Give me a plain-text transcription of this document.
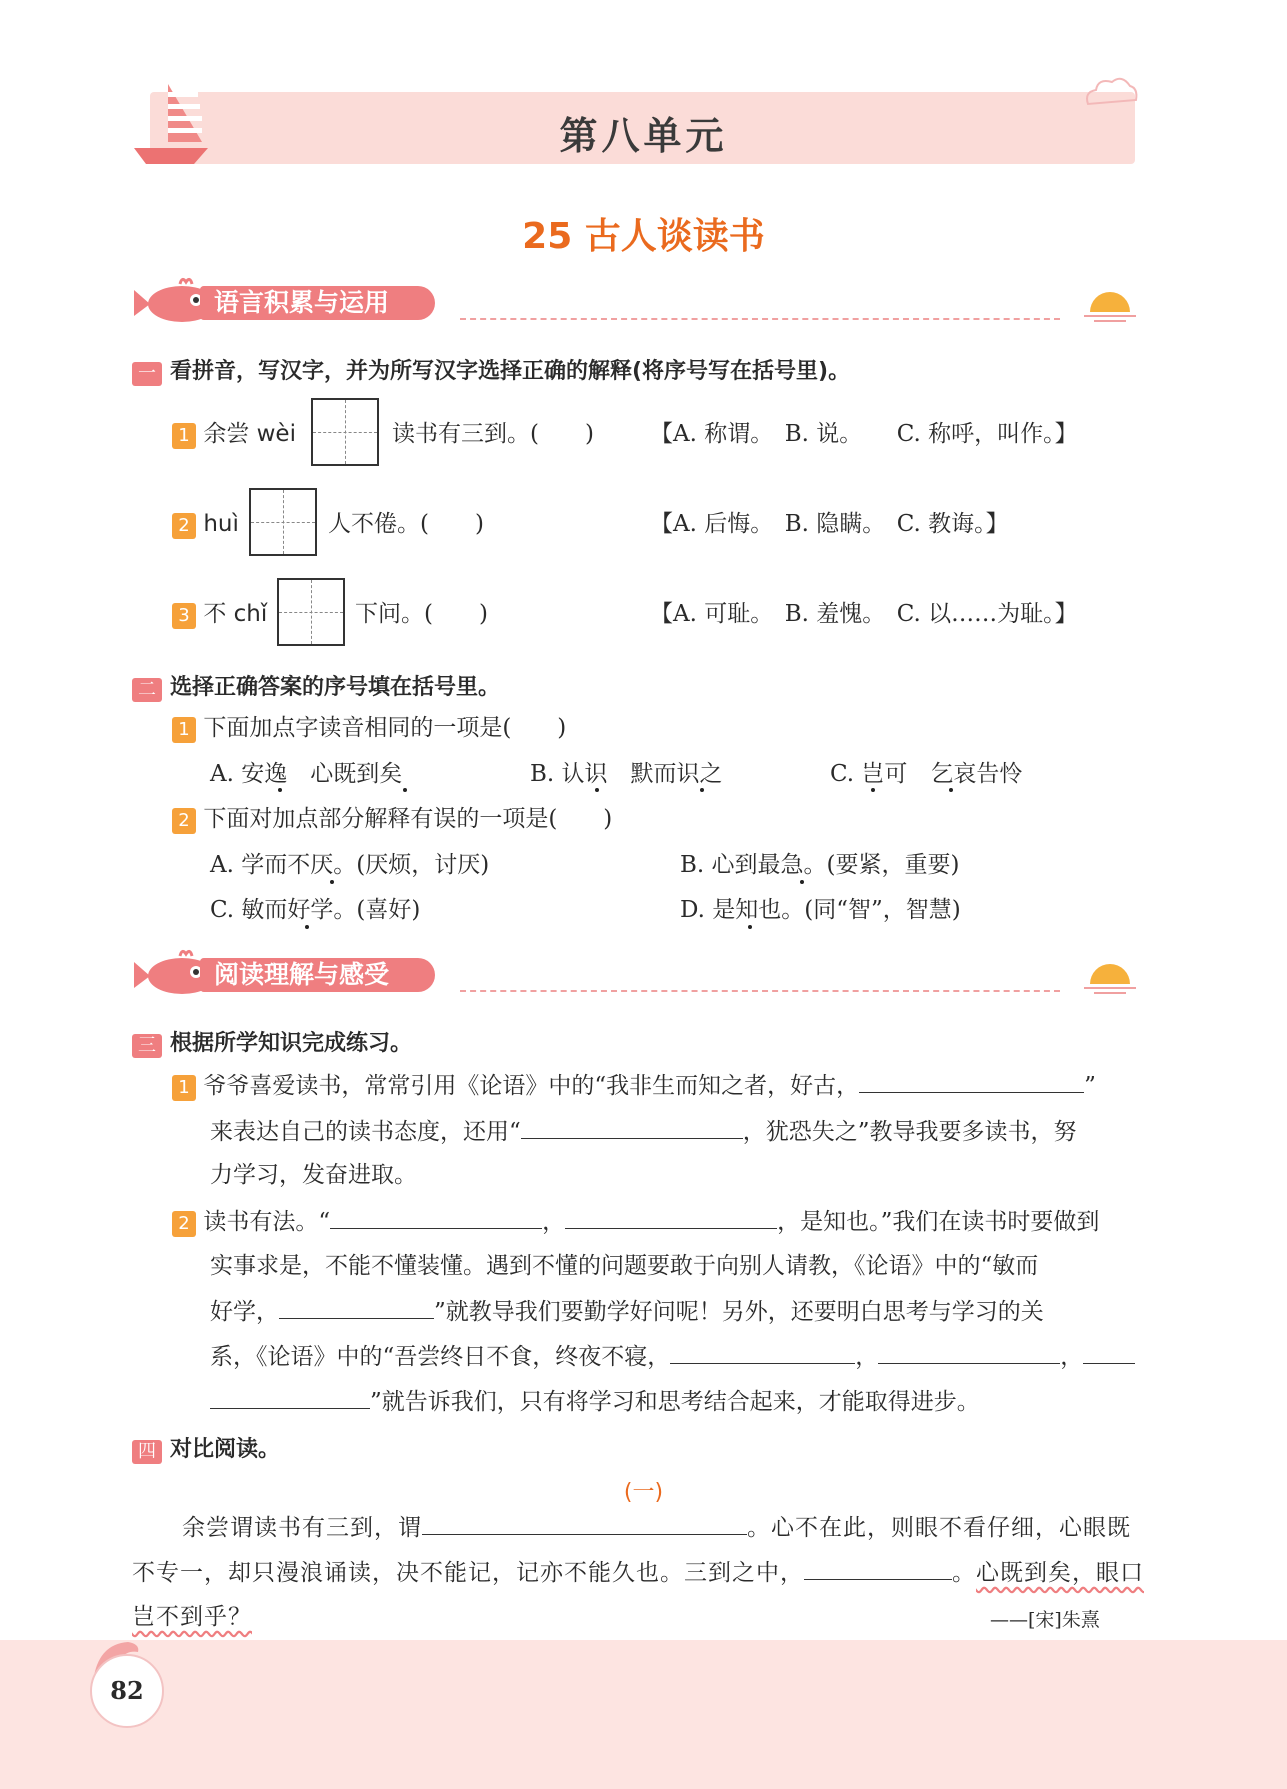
第八单元
25 古人谈读书
语言积累与运用
一 看拼音，写汉字，并为所写汉字选择正确的解释(将序号写在括号里)。
1 余尝 wèi	读书有三到。(　　) 【A. 称谓。　B. 说。　　C. 称呼，叫作。】
2 huì	人不倦。(　　)	【A. 后悔。　B. 隐瞒。　C. 教诲。】
3 不 chǐ	下问。(　　)	【A. 可耻。　B. 羞愧。　C. 以……为耻。】
二 选择正确答案的序号填在括号里。
1 下面加点字读音相同的一项是(　　)
A. 安逸　心既到矣	B. 认识　默而识之	C. 岂可　乞哀告怜
2 下面对加点部分解释有误的一项是(　　)
A. 学而不厌。(厌烦，讨厌)	B. 心到最急。(要紧，重要)
C. 敏而好学。(喜好)	D. 是知也。(同“智”，智慧)
阅读理解与感受
三 根据所学知识完成练习。
1 爷爷喜爱读书，常常引用《论语》中的“我非生而知之者，好古，	”
来表达自己的读书态度，还用“	，犹恐失之”教导我要多读书，努
力学习，发奋进取。
2 读书有法。“	，	，是知也。”我们在读书时要做到
实事求是，不能不懂装懂。遇到不懂的问题要敢于向别人请教，《论语》中的“敏而
好学，	”就教导我们要勤学好问呢！另外，还要明白思考与学习的关
系，《论语》中的“吾尝终日不食，终夜不寝，	，	，
”就告诉我们，只有将学习和思考结合起来，才能取得进步。
四 对比阅读。
(一)
余尝谓读书有三到，谓	。心不在此，则眼不看仔细，心眼既
不专一，却只漫浪诵读，决不能记，记亦不能久也。三到之中，	。心既到矣，眼口
岂不到乎？	——[宋]朱熹
82
